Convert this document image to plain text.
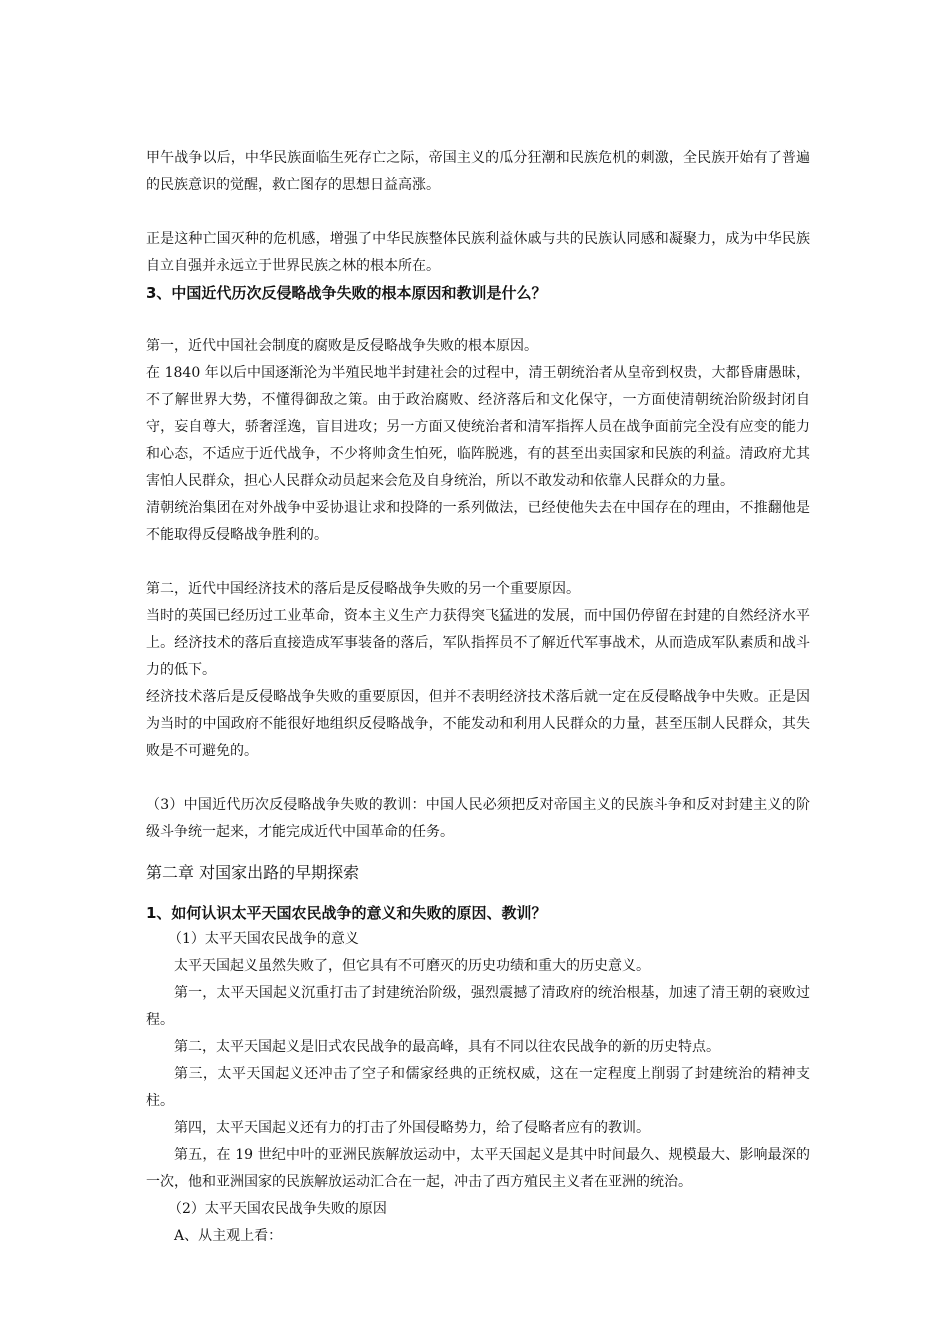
甲午战争以后，中华民族面临生死存亡之际，帝国主义的瓜分狂潮和民族危机的刺激，全民族开始有了普遍的民族意识的觉醒，救亡图存的思想日益高涨。

正是这种亡国灭种的危机感，增强了中华民族整体民族利益休戚与共的民族认同感和凝聚力，成为中华民族自立自强并永远立于世界民族之林的根本所在。

3、中国近代历次反侵略战争失败的根本原因和教训是什么？

第一，近代中国社会制度的腐败是反侵略战争失败的根本原因。

在 1840 年以后中国逐渐沦为半殖民地半封建社会的过程中，清王朝统治者从皇帝到权贵，大都昏庸愚昧，不了解世界大势，不懂得御敌之策。由于政治腐败、经济落后和文化保守，一方面使清朝统治阶级封闭自守，妄自尊大，骄奢淫逸，盲目进攻；另一方面又使统治者和清军指挥人员在战争面前完全没有应变的能力和心态，不适应于近代战争，不少将帅贪生怕死，临阵脱逃，有的甚至出卖国家和民族的利益。清政府尤其害怕人民群众，担心人民群众动员起来会危及自身统治，所以不敢发动和依靠人民群众的力量。

清朝统治集团在对外战争中妥协退让求和投降的一系列做法，已经使他失去在中国存在的理由，不推翻他是不能取得反侵略战争胜利的。

第二，近代中国经济技术的落后是反侵略战争失败的另一个重要原因。

当时的英国已经历过工业革命，资本主义生产力获得突飞猛进的发展，而中国仍停留在封建的自然经济水平上。经济技术的落后直接造成军事装备的落后，军队指挥员不了解近代军事战术，从而造成军队素质和战斗力的低下。

经济技术落后是反侵略战争失败的重要原因，但并不表明经济技术落后就一定在反侵略战争中失败。正是因为当时的中国政府不能很好地组织反侵略战争，不能发动和利用人民群众的力量，甚至压制人民群众，其失败是不可避免的。

（3）中国近代历次反侵略战争失败的教训：中国人民必须把反对帝国主义的民族斗争和反对封建主义的阶级斗争统一起来，才能完成近代中国革命的任务。

第二章 对国家出路的早期探索

1、如何认识太平天国农民战争的意义和失败的原因、教训？

（1）太平天国农民战争的意义

太平天国起义虽然失败了，但它具有不可磨灭的历史功绩和重大的历史意义。

第一，太平天国起义沉重打击了封建统治阶级，强烈震撼了清政府的统治根基，加速了清王朝的衰败过程。

第二，太平天国起义是旧式农民战争的最高峰，具有不同以往农民战争的新的历史特点。

第三，太平天国起义还冲击了空子和儒家经典的正统权威，这在一定程度上削弱了封建统治的精神支柱。

第四，太平天国起义还有力的打击了外国侵略势力，给了侵略者应有的教训。

第五，在 19 世纪中叶的亚洲民族解放运动中，太平天国起义是其中时间最久、规模最大、影响最深的一次，他和亚洲国家的民族解放运动汇合在一起，冲击了西方殖民主义者在亚洲的统治。

（2）太平天国农民战争失败的原因

A、从主观上看：
